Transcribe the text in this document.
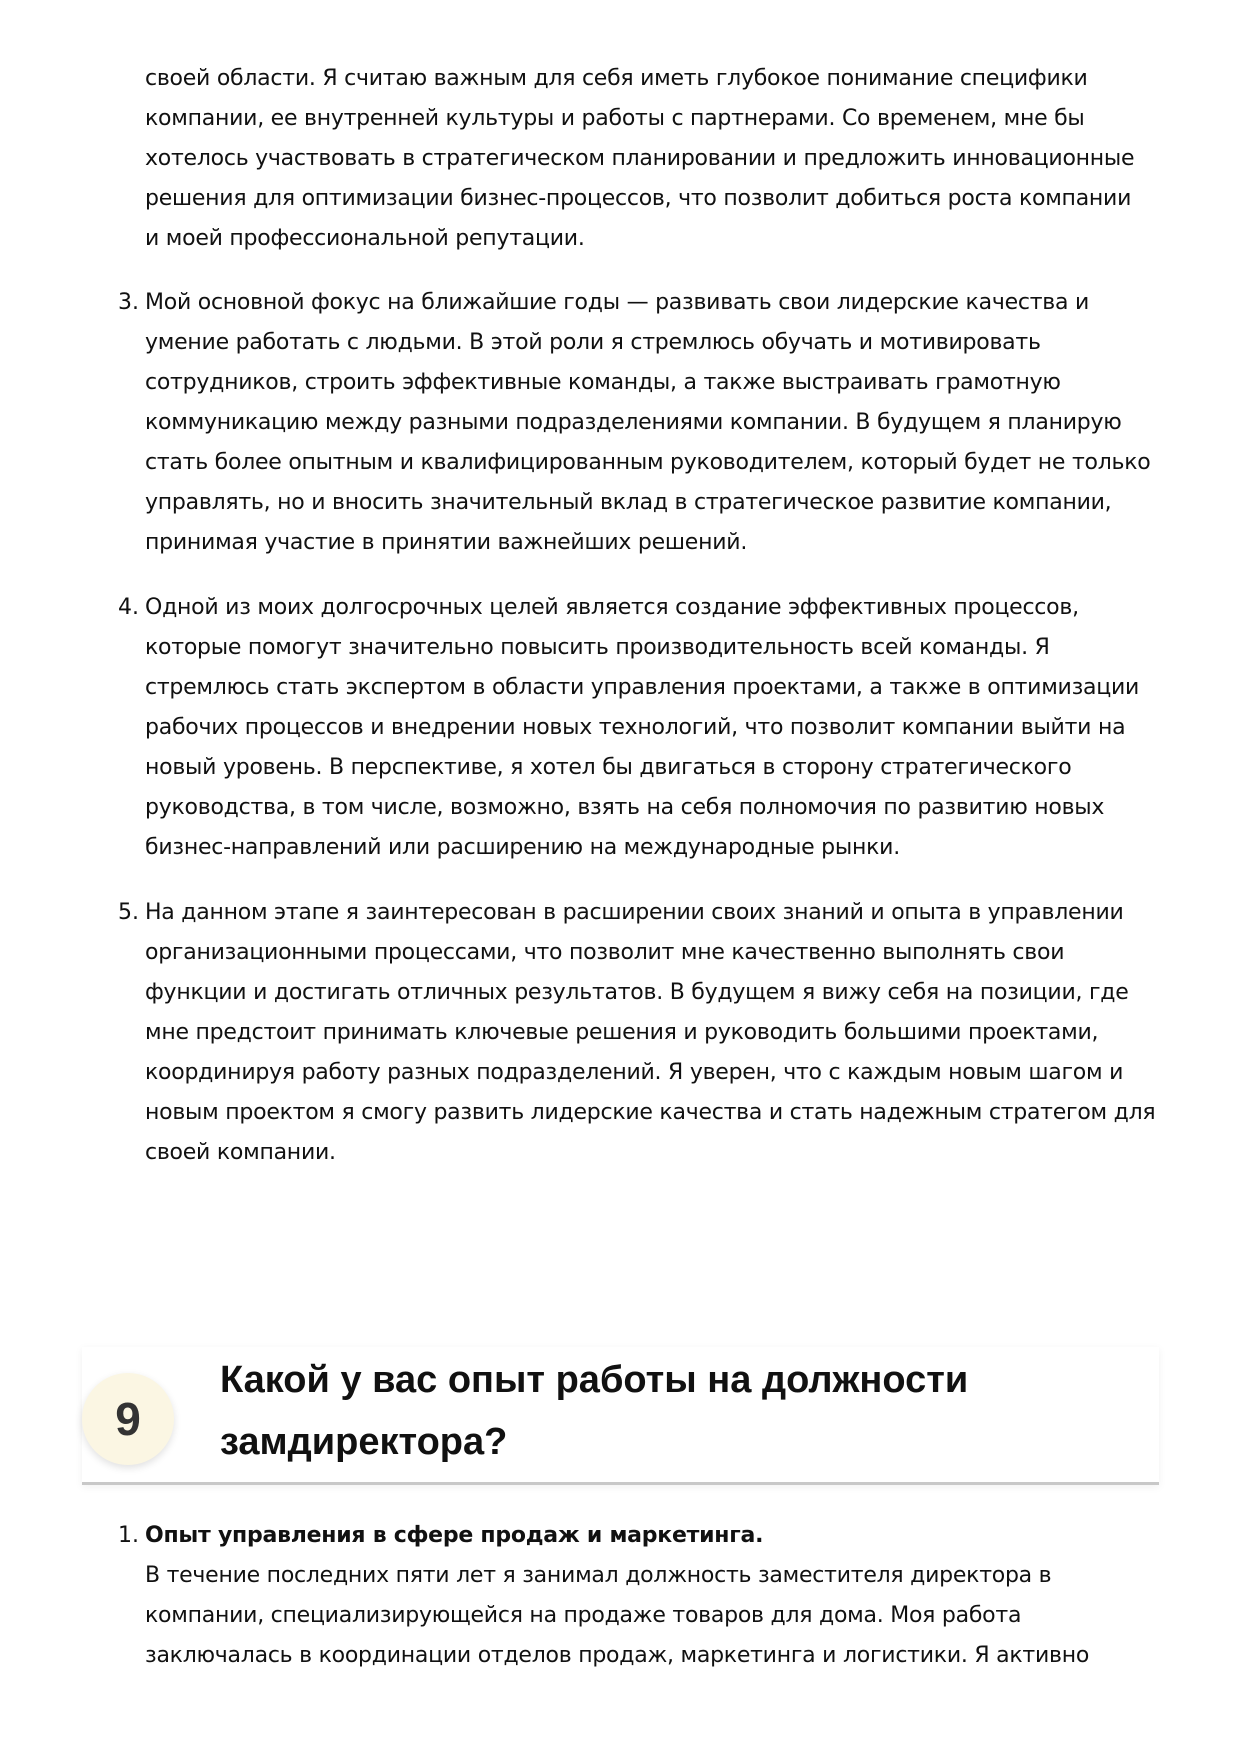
своей области. Я считаю важным для себя иметь глубокое понимание специфики
компании, ее внутренней культуры и работы с партнерами. Со временем, мне бы
хотелось участвовать в стратегическом планировании и предложить инновационные
решения для оптимизации бизнес-процессов, что позволит добиться роста компании
и моей профессиональной репутации.

3. Мой основной фокус на ближайшие годы — развивать свои лидерские качества и
умение работать с людьми. В этой роли я стремлюсь обучать и мотивировать
сотрудников, строить эффективные команды, а также выстраивать грамотную
коммуникацию между разными подразделениями компании. В будущем я планирую
стать более опытным и квалифицированным руководителем, который будет не только
управлять, но и вносить значительный вклад в стратегическое развитие компании,
принимая участие в принятии важнейших решений.

4. Одной из моих долгосрочных целей является создание эффективных процессов,
которые помогут значительно повысить производительность всей команды. Я
стремлюсь стать экспертом в области управления проектами, а также в оптимизации
рабочих процессов и внедрении новых технологий, что позволит компании выйти на
новый уровень. В перспективе, я хотел бы двигаться в сторону стратегического
руководства, в том числе, возможно, взять на себя полномочия по развитию новых
бизнес-направлений или расширению на международные рынки.

5. На данном этапе я заинтересован в расширении своих знаний и опыта в управлении
организационными процессами, что позволит мне качественно выполнять свои
функции и достигать отличных результатов. В будущем я вижу себя на позиции, где
мне предстоит принимать ключевые решения и руководить большими проектами,
координируя работу разных подразделений. Я уверен, что с каждым новым шагом и
новым проектом я смогу развить лидерские качества и стать надежным стратегом для
своей компании.

9
Какой у вас опыт работы на должности
замдиректора?
1. Опыт управления в сфере продаж и маркетинга.
В течение последних пяти лет я занимал должность заместителя директора в
компании, специализирующейся на продаже товаров для дома. Моя работа
заключалась в координации отделов продаж, маркетинга и логистики. Я активно
